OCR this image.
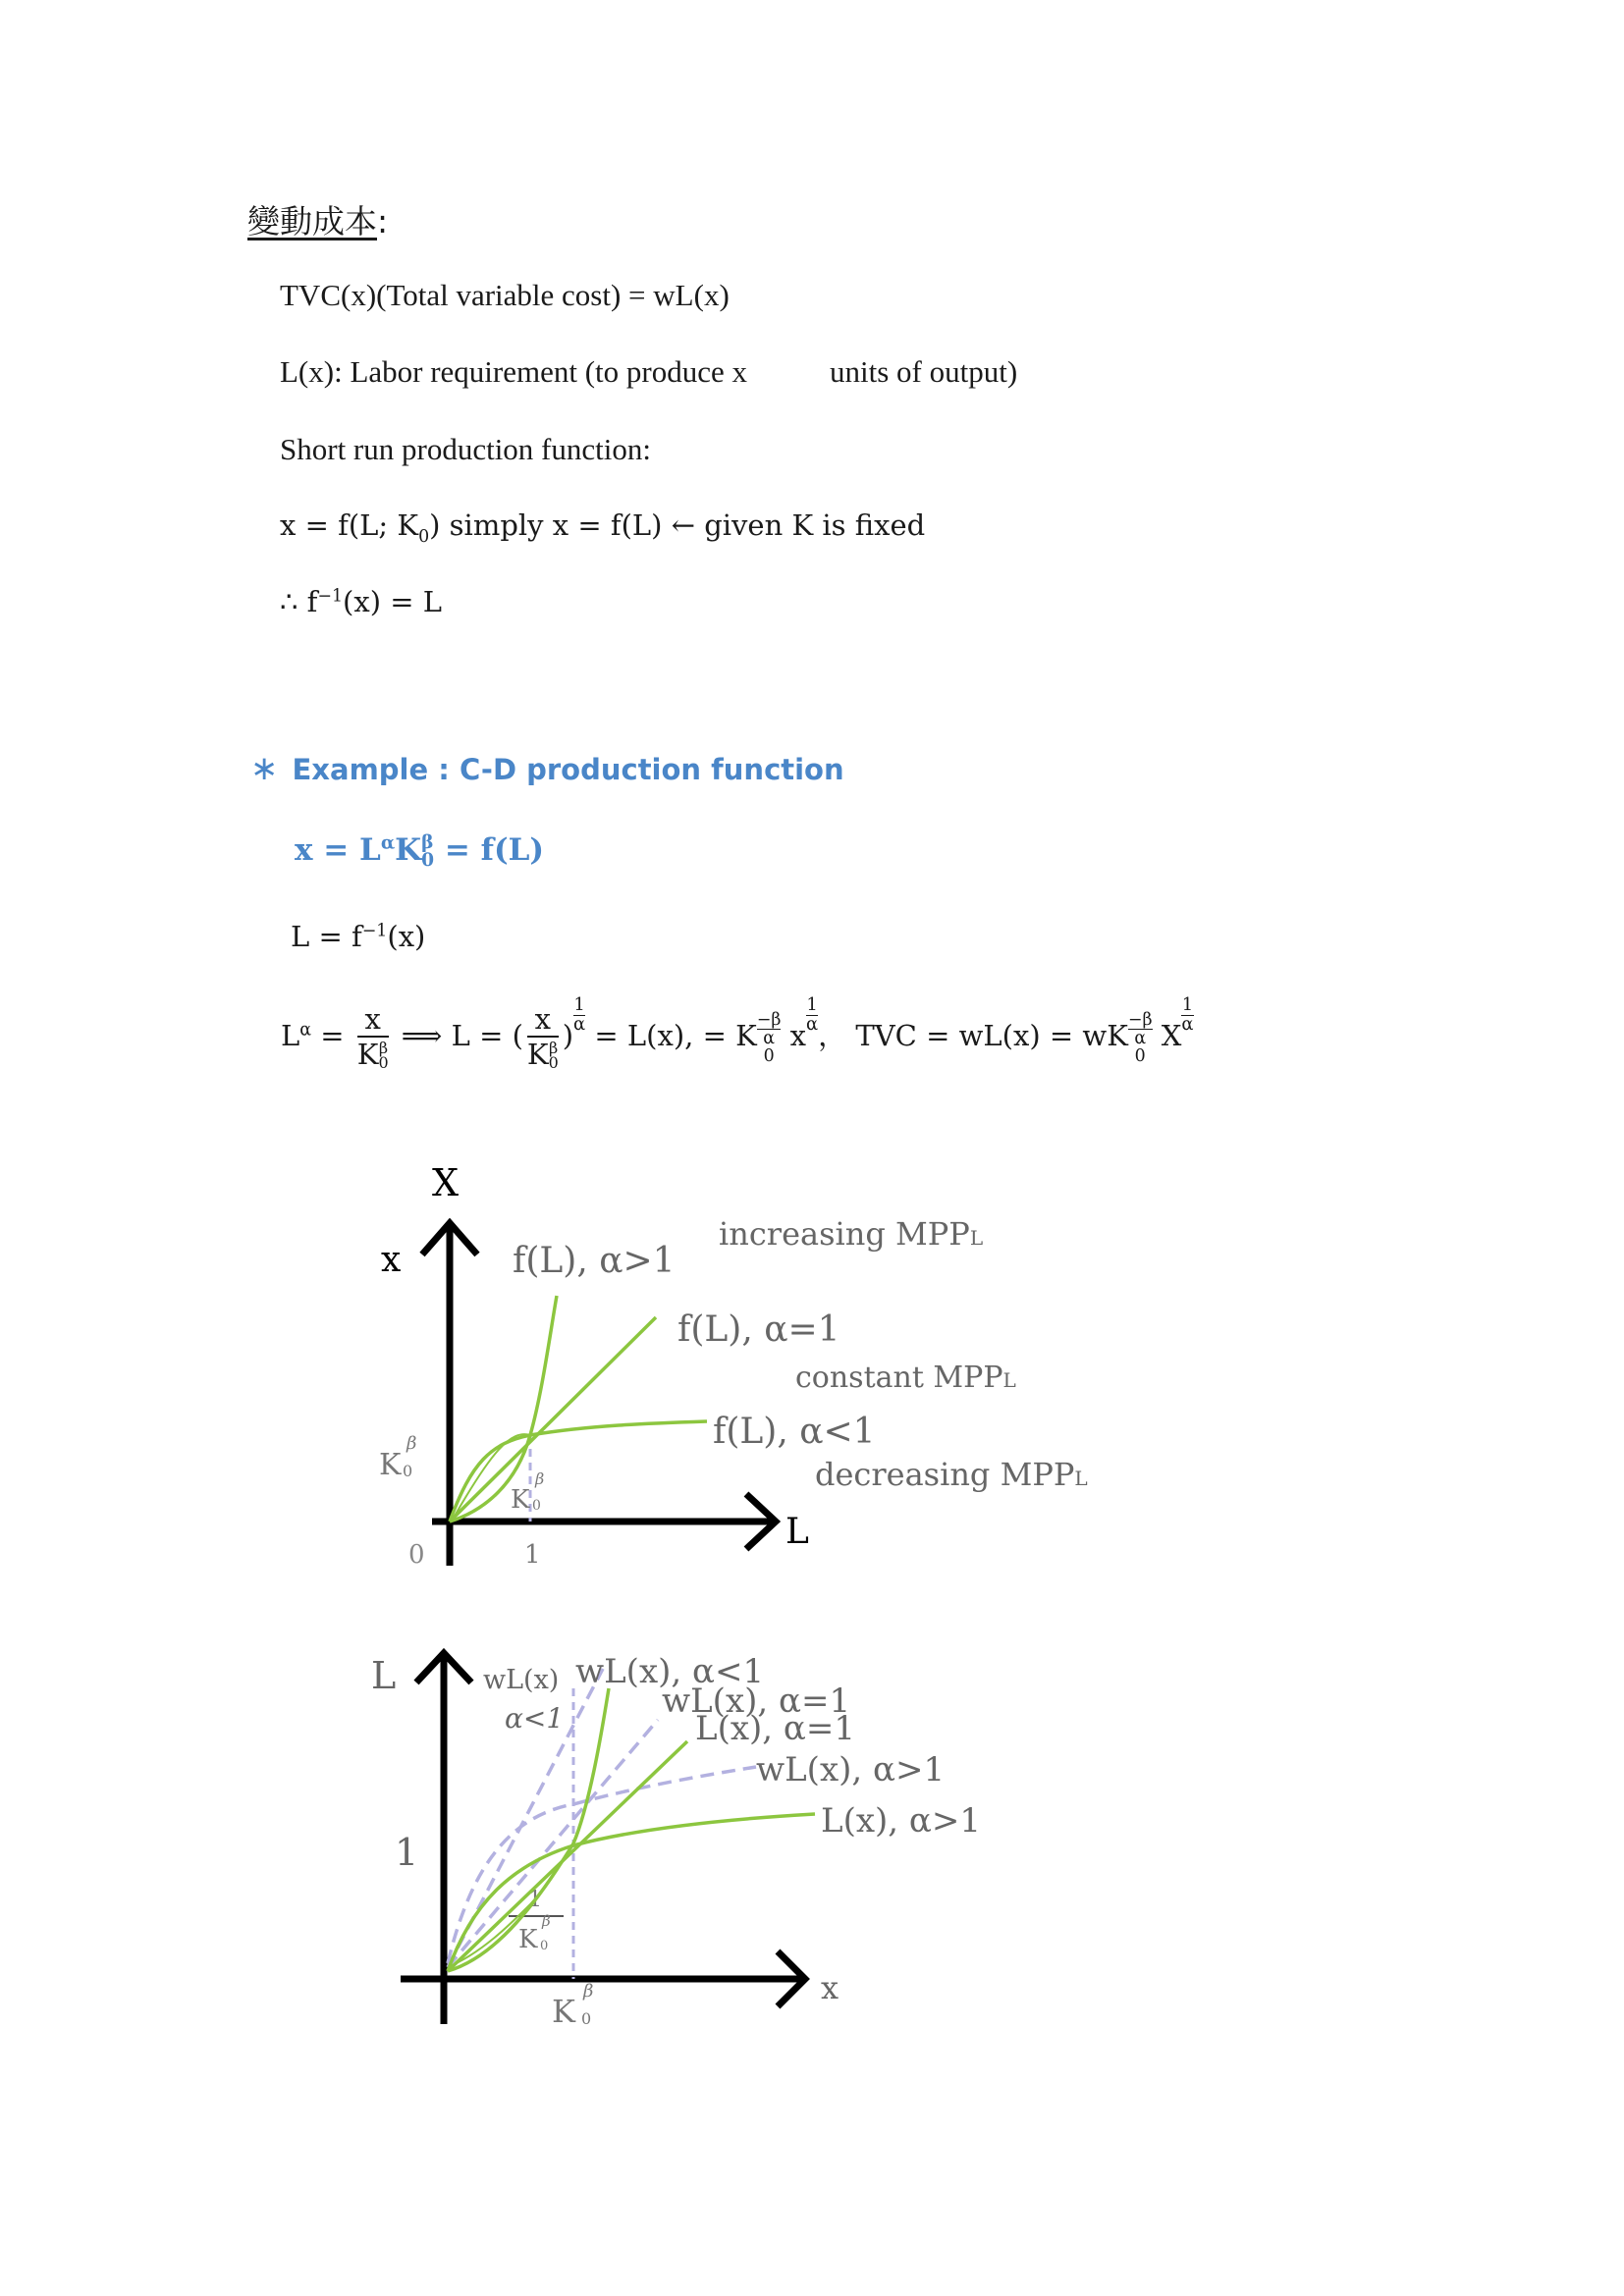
變動成本:
TVC(x)(Total variable cost) = wL(x)
L(x): Labor requirement (to produce x	units of output)
Short run production function:
x = f(L; $K_0$) simply x = f(L) ← given K is fixed
∴ $f^{-1}(x) = L$
∗ Example : C-D production function
$x = L^\alpha K$ β
0 = f(L)
$L = f^{-1}(x)$
$L^\alpha = x$
K β
0 ⟹ L = ( x
K β
0 )
$\frac{1}{\alpha}$
= L(x), = K $\frac{-\beta}{\alpha}$
0
x
$\frac{1}{\alpha}$
， TVC = wL(x) = wK $\frac{-\beta}{\alpha}$
0
X
$\frac{1}{\alpha}$
X
x
L
0	1
K
β
0
K
β
0
f(L), α>1
f(L), α=1
f(L), α<1
increasing MPPL
constant MPPL
decreasing MPPL
L
x
1
K
β
0
1
K
β
0
wL(x)
α<1
wL(x), α<1
wL(x), α=1
L(x), α=1
wL(x), α>1
L(x), α>1
